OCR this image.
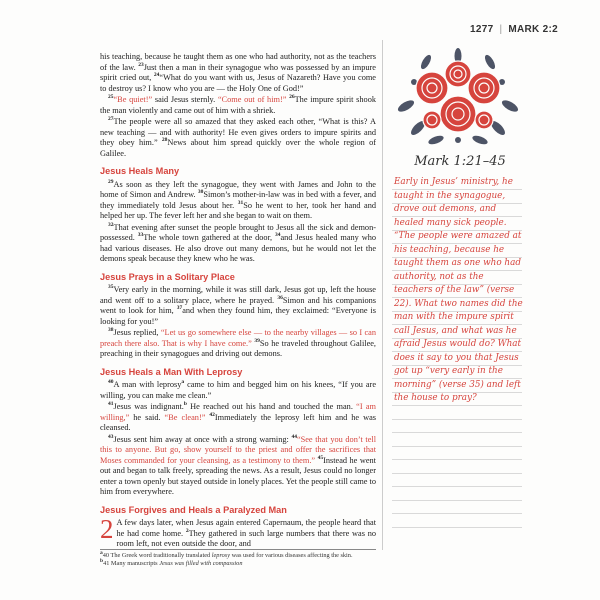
1277 | MARK 2:2

his teaching, because he taught them as one who had authority, not as the teachers of the law. $^{23}$Just then a man in their synagogue who was possessed by an impure spirit cried out, $^{24}$“What do you want with us, Jesus of Nazareth? Have you come to destroy us? I know who you are — the Holy One of God!”

$^{25}$“Be quiet!” said Jesus sternly. “Come out of him!” $^{26}$The impure spirit shook the man violently and came out of him with a shriek.

$^{27}$The people were all so amazed that they asked each other, “What is this? A new teaching — and with authority! He even gives orders to impure spirits and they obey him.” $^{28}$News about him spread quickly over the whole region of Galilee.

Jesus Heals Many

$^{29}$As soon as they left the synagogue, they went with James and John to the home of Simon and Andrew. $^{30}$Simon’s mother-in-law was in bed with a fever, and they immediately told Jesus about her. $^{31}$So he went to her, took her hand and helped her up. The fever left her and she began to wait on them.

$^{32}$That evening after sunset the people brought to Jesus all the sick and demon-possessed. $^{33}$The whole town gathered at the door, $^{34}$and Jesus healed many who had various diseases. He also drove out many demons, but he would not let the demons speak because they knew who he was.

Jesus Prays in a Solitary Place

$^{35}$Very early in the morning, while it was still dark, Jesus got up, left the house and went off to a solitary place, where he prayed. $^{36}$Simon and his companions went to look for him, $^{37}$and when they found him, they exclaimed: “Everyone is looking for you!”

$^{38}$Jesus replied, “Let us go somewhere else — to the nearby villages — so I can preach there also. That is why I have come.” $^{39}$So he traveled throughout Galilee, preaching in their synagogues and driving out demons.

Jesus Heals a Man With Leprosy

$^{40}$A man with leprosy$^a$ came to him and begged him on his knees, “If you are willing, you can make me clean.”

$^{41}$Jesus was indignant.$^b$ He reached out his hand and touched the man. “I am willing,” he said. “Be clean!” $^{42}$Immediately the leprosy left him and he was cleansed.

$^{43}$Jesus sent him away at once with a strong warning: $^{44}$“See that you don’t tell this to anyone. But go, show yourself to the priest and offer the sacrifices that Moses commanded for your cleansing, as a testimony to them.” $^{45}$Instead he went out and began to talk freely, spreading the news. As a result, Jesus could no longer enter a town openly but stayed outside in lonely places. Yet the people still came to him from everywhere.

Jesus Forgives and Heals a Paralyzed Man

2 A few days later, when Jesus again entered Capernaum, the people heard that he had come home. $^2$They gathered in such large numbers that there was no room left, not even outside the door, and

$^a$40 The Greek word traditionally translated leprosy was used for various diseases affecting the skin.
$^b$41 Many manuscripts Jesus was filled with compassion
Mark 1:21–45
Early in Jesus’ ministry, he taught in the synagogue, drove out demons, and healed many sick people. “The people were amazed at his teaching, because he taught them as one who had authority, not as the teachers of the law” (verse 22). What two names did the man with the impure spirit call Jesus, and what was he afraid Jesus would do? What does it say to you that Jesus got up “very early in the morning” (verse 35) and left the house to pray?
